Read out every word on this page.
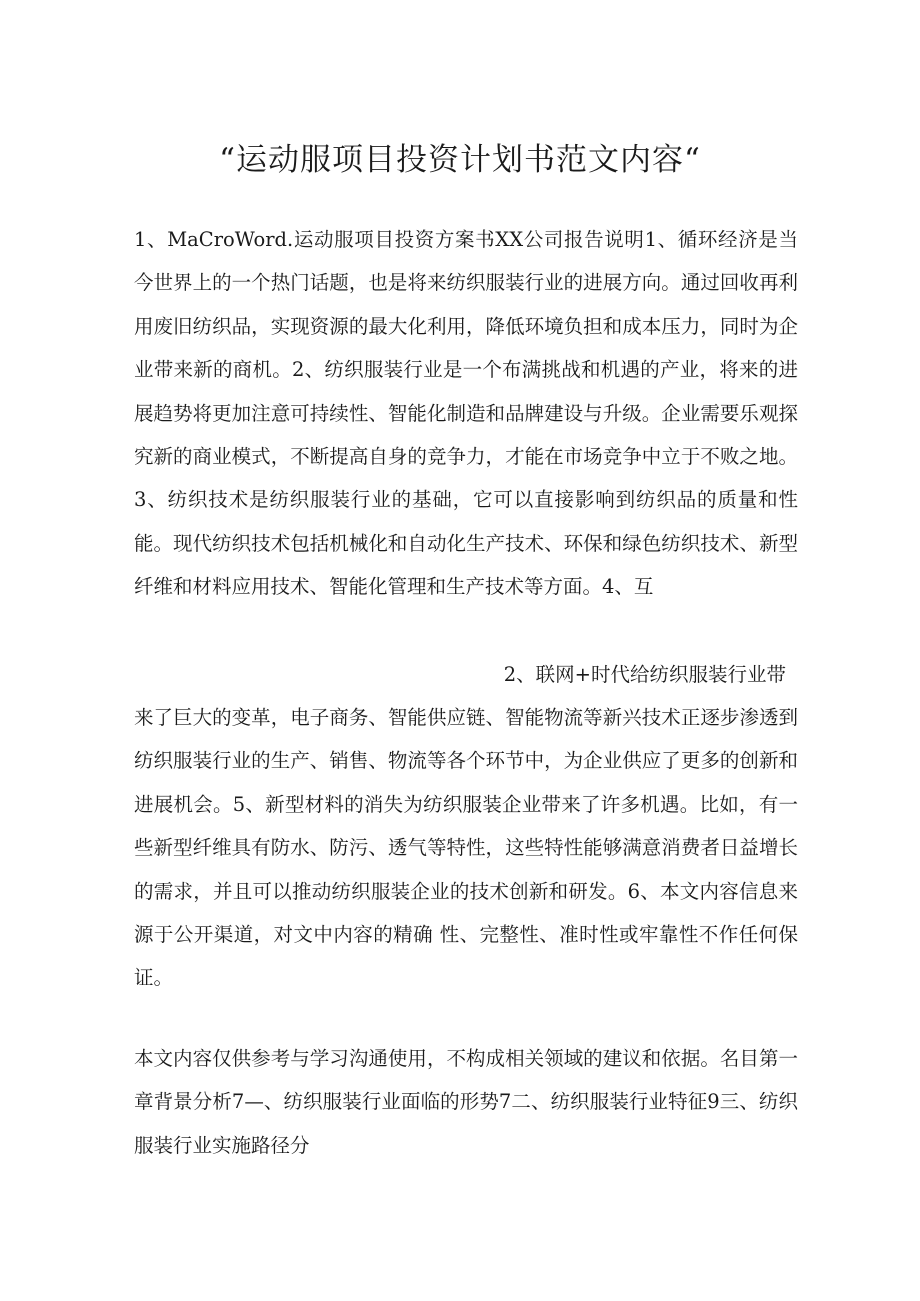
“运动服项目投资计划书范文内容“
1、MaCroWord.运动服项目投资方案书XX公司报告说明1、循环经济是当今世界上的一个热门话题，也是将来纺织服装行业的进展方向。通过回收再利用废旧纺织品，实现资源的最大化利用，降低环境负担和成本压力，同时为企业带来新的商机。2、纺织服装行业是一个布满挑战和机遇的产业，将来的进展趋势将更加注意可持续性、智能化制造和品牌建设与升级。企业需要乐观探究新的商业模式，不断提高自身的竞争力，才能在市场竞争中立于不败之地。3、纺织技术是纺织服装行业的基础，它可以直接影响到纺织品的质量和性能。现代纺织技术包括机械化和自动化生产技术、环保和绿色纺织技术、新型纤维和材料应用技术、智能化管理和生产技术等方面。4、互
2、联网+时代给纺织服装行业带
来了巨大的变革，电子商务、智能供应链、智能物流等新兴技术正逐步渗透到纺织服装行业的生产、销售、物流等各个环节中，为企业供应了更多的创新和进展机会。5、新型材料的消失为纺织服装企业带来了许多机遇。比如，有一些新型纤维具有防水、防污、透气等特性，这些特性能够满意消费者日益增长的需求，并且可以推动纺织服装企业的技术创新和研发。6、本文内容信息来源于公开渠道，对文中内容的精确 性、完整性、准时性或牢靠性不作任何保证。
本文内容仅供参考与学习沟通使用，不构成相关领域的建议和依据。名目第一章背景分析7—、纺织服装行业面临的形势7二、纺织服装行业特征9三、纺织服装行业实施路径分
